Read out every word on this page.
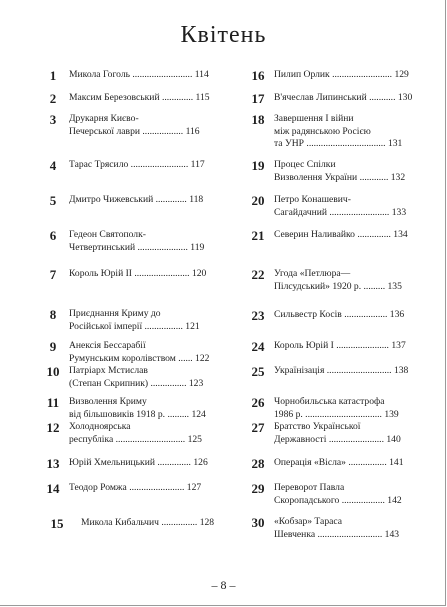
Квітень
1	Микола Гоголь ......................... 114
2	Максим Березовський ............. 115
3	Друкарня Києво-
Печерської лаври ................. 116
4	Тарас Трясило ........................ 117
5	Дмитро Чижевський ............. 118
6	Гедеон Святополк-
Четвертинський ..................... 119
7	Король Юрій ІІ ....................... 120
8	Приєднання Криму до
Російської імперії ................ 121
9	Анексія Бессарабії
Румунським королівством ...... 122
10 Патріарх Мстислав
(Степан Скрипник) ............... 123
11	Визволення Криму
від більшовиків 1918 р. ......... 124
12 Холодноярська
республіка ............................. 125
13 Юрій Хмельницький .............. 126
14 Теодор Ромжа ....................... 127
15	Микола Кибальчич ............... 128
16 Пилип Орлик ......................... 129
17 В'ячеслав Липинський ........... 130
18 Завершення І війни
між радянською Росією
та УНР ................................. 131
19 Процес Спілки
Визволення України ............ 132
20 Петро Конашевич-
Сагайдачний ......................... 133
21 Северин Наливайко .............. 134
22 Угода «Петлюра—
Пілсудський» 1920 р. ......... 135
23 Сильвестр Косів .................. 136
24 Король Юрій І ...................... 137
25 Українізація ........................... 138
26 Чорнобильська катастрофа
1986 р. ................................ 139
27 Братство Української
Державності ....................... 140
28 Операція «Вісла» ................ 141
29 Переворот Павла
Скоропадського .................. 142
30 «Кобзар» Тараса
Шевченка ........................... 143
– 8 –
